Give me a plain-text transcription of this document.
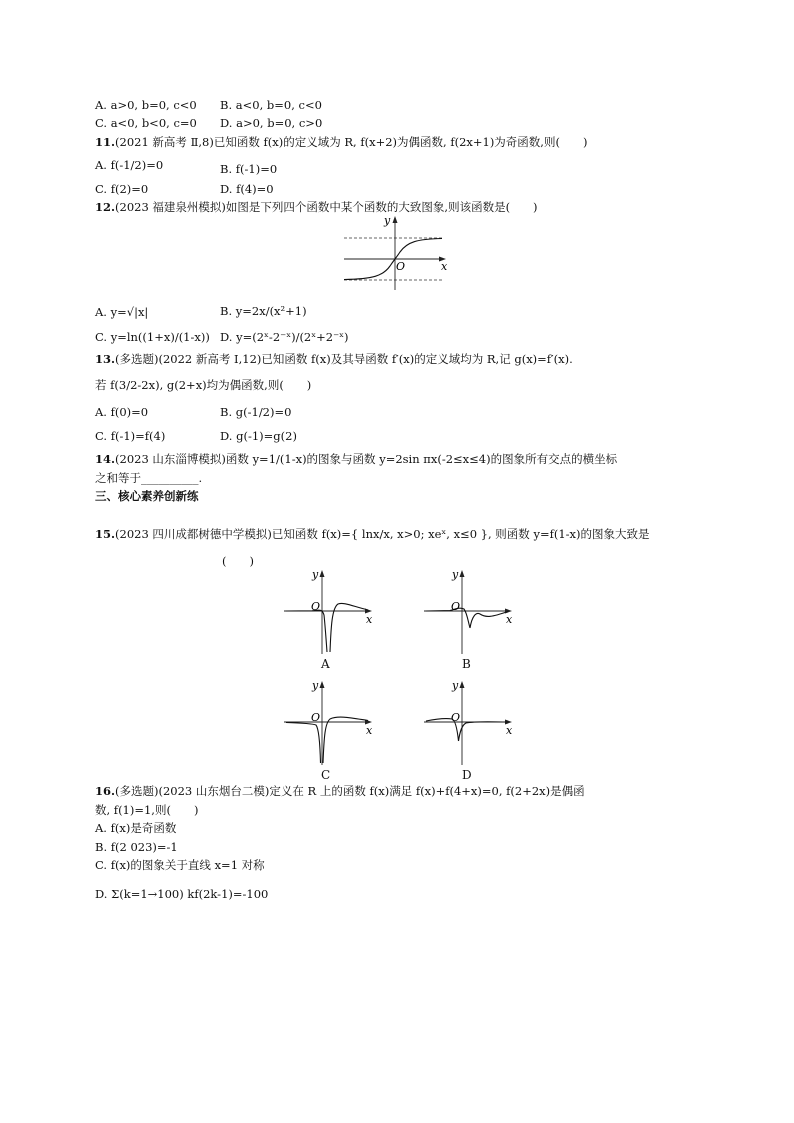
A. a>0, b=0, c<0 B. a<0, b=0, c<0
C. a<0, b<0, c=0 D. a>0, b=0, c>0
11.(2021 新高考 Ⅱ,8)已知函数 f(x)的定义域为 R, f(x+2)为偶函数, f(2x+1)为奇函数,则(　　)
A. f(-1/2)=0	B. f(-1)=0
C. f(2)=0	D. f(4)=0
12.(2023 福建泉州模拟)如图是下列四个函数中某个函数的大致图象,则该函数是(　　)
x
y
O
A. y=√|x|	B. y=2x/(x²+1)
C. y=ln((1+x)/(1-x)) D. y=(2ˣ-2⁻ˣ)/(2ˣ+2⁻ˣ)
13.(多选题)(2022 新高考 Ⅰ,12)已知函数 f(x)及其导函数 f′(x)的定义域均为 R,记 g(x)=f′(x).
若 f(3/2-2x), g(2+x)均为偶函数,则(　　)
A. f(0)=0	B. g(-1/2)=0
C. f(-1)=f(4)	D. g(-1)=g(2)
14.(2023 山东淄博模拟)函数 y=1/(1-x)的图象与函数 y=2sin πx(-2≤x≤4)的图象所有交点的横坐标
之和等于__________.
三、核心素养创新练
15.(2023 四川成都树德中学模拟)已知函数 f(x)={ lnx/x, x>0; xeˣ, x≤0 }, 则函数 y=f(1-x)的图象大致是
(　　)
x
y
O
A
x
y
O
B
x
y
O
C
x
y
O
D
16.(多选题)(2023 山东烟台二模)定义在 R 上的函数 f(x)满足 f(x)+f(4+x)=0, f(2+2x)是偶函
数, f(1)=1,则(　　)
A. f(x)是奇函数
B. f(2 023)=-1
C. f(x)的图象关于直线 x=1 对称
D. Σ(k=1→100) kf(2k-1)=-100
